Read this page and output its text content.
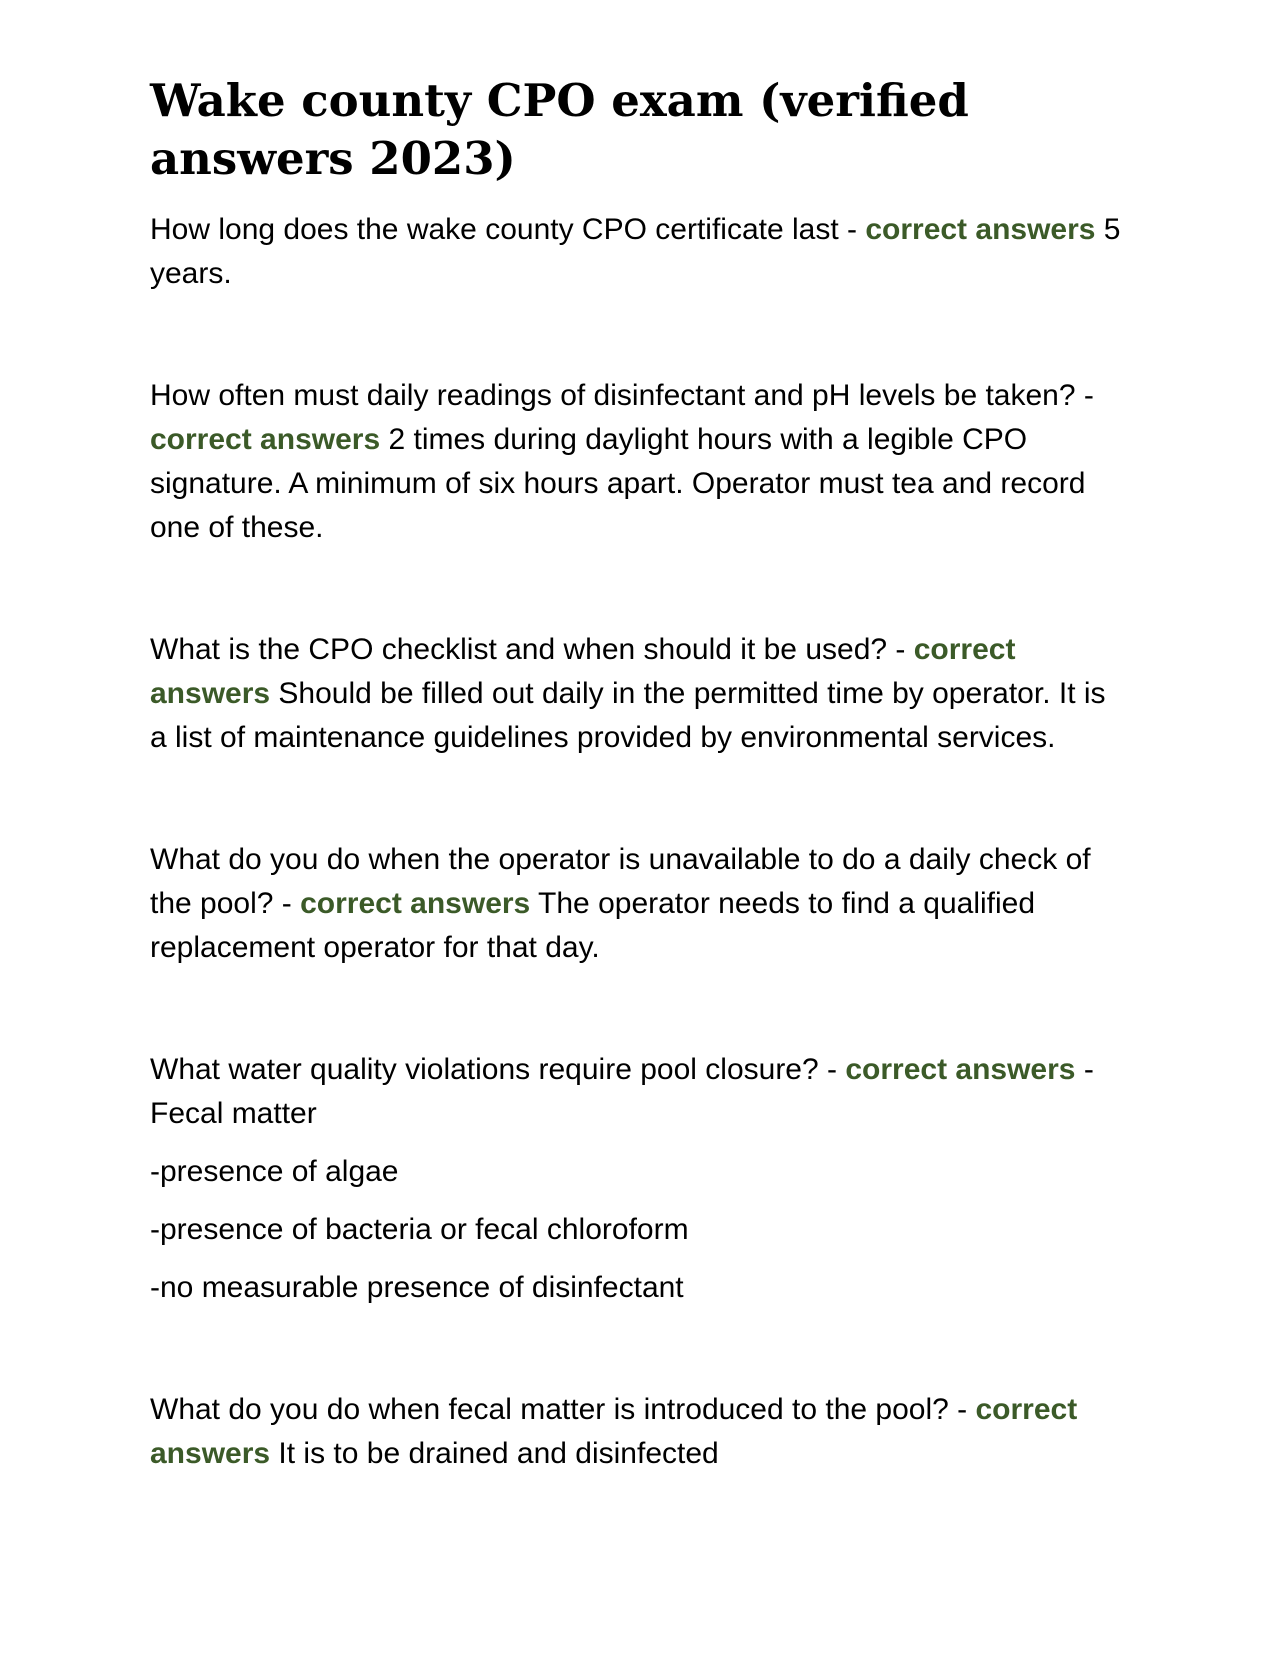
Wake county CPO exam (verified answers 2023)

How long does the wake county CPO certificate last - correct answers 5 years.

How often must daily readings of disinfectant and pH levels be taken? - correct answers 2 times during daylight hours with a legible CPO signature. A minimum of six hours apart. Operator must tea and record one of these.

What is the CPO checklist and when should it be used? - correct answers Should be filled out daily in the permitted time by operator. It is a list of maintenance guidelines provided by environmental services.

What do you do when the operator is unavailable to do a daily check of the pool? - correct answers The operator needs to find a qualified replacement operator for that day.

What water quality violations require pool closure? - correct answers -Fecal matter

-presence of algae

-presence of bacteria or fecal chloroform

-no measurable presence of disinfectant

What do you do when fecal matter is introduced to the pool? - correct answers It is to be drained and disinfected
